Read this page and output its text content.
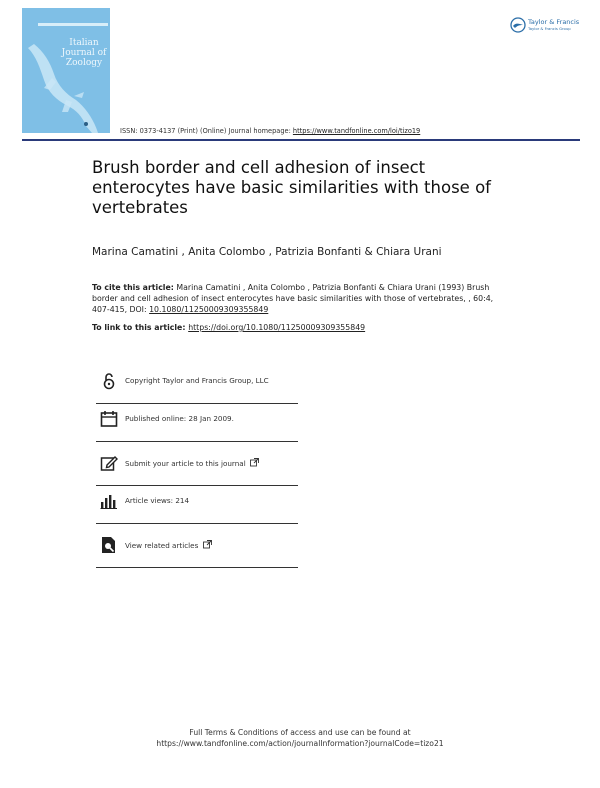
Italian
Journal of
Zoology
ISSN: 0373-4137 (Print) (Online) Journal homepage: https://www.tandfonline.com/loi/tizo19
Taylor & Francis
Taylor & Francis Group
Brush border and cell adhesion of insect enterocytes have basic similarities with those of vertebrates
Marina Camatini , Anita Colombo , Patrizia Bonfanti & Chiara Urani
To cite this article: Marina Camatini , Anita Colombo , Patrizia Bonfanti & Chiara Urani (1993) Brush border and cell adhesion of insect enterocytes have basic similarities with those of vertebrates, , 60:4, 407-415, DOI: 10.1080/11250009309355849
To link to this article: https://doi.org/10.1080/11250009309355849
Copyright Taylor and Francis Group, LLC
Published online: 28 Jan 2009.
Submit your article to this journal
Article views: 214
View related articles
Full Terms & Conditions of access and use can be found at
https://www.tandfonline.com/action/journalInformation?journalCode=tizo21
